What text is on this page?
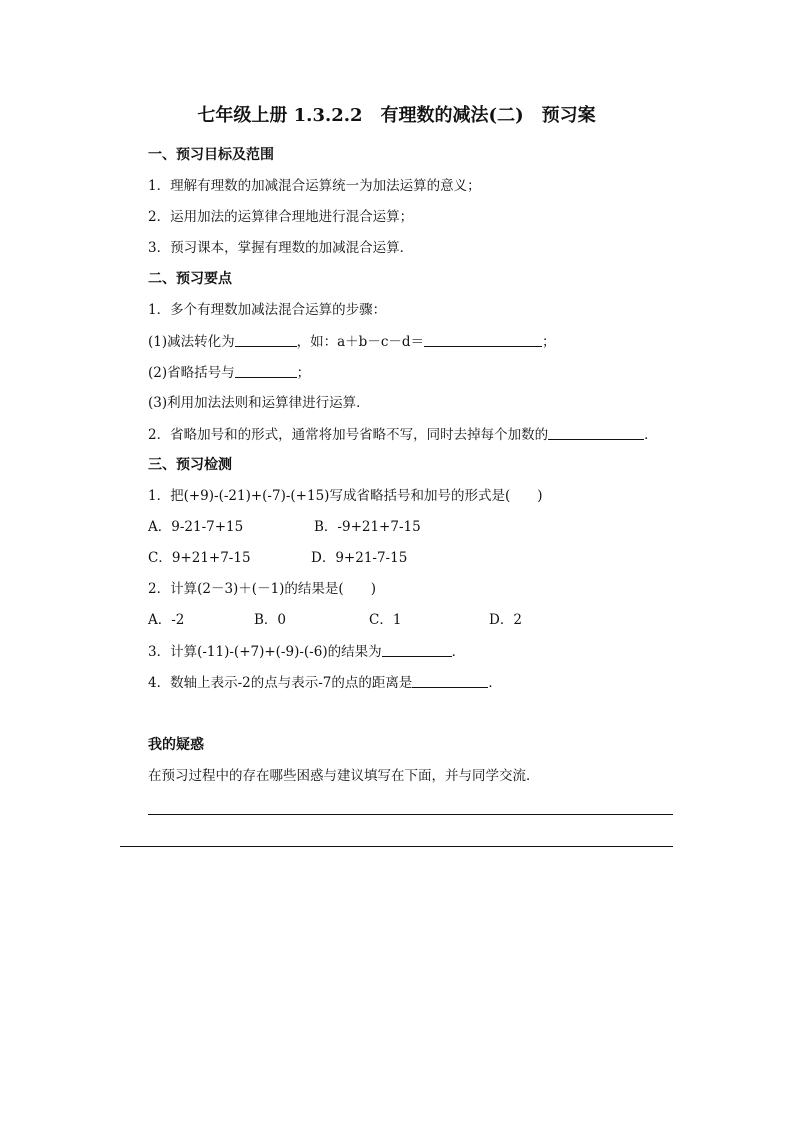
七年级上册 1.3.2.2　有理数的减法(二)　预习案
一、预习目标及范围
1．理解有理数的加减混合运算统一为加法运算的意义；
2．运用加法的运算律合理地进行混合运算；
3．预习课本，掌握有理数的加减混合运算．
二、预习要点
1．多个有理数加减法混合运算的步骤：
(1)减法转化为	，如：a＋b－c－d＝	；
(2)省略括号与	；
(3)利用加法法则和运算律进行运算．
2．省略加号和的形式，通常将加号省略不写，同时去掉每个加数的	．
三、预习检测
1．把(+9)-(-21)+(-7)-(+15)写成省略括号和加号的形式是(　　)
A．9-21-7+15	B．-9+21+7-15
C．9+21+7-15	D．9+21-7-15
2．计算(2－3)＋(－1)的结果是(　　)
A．-2	B．0	C．1	D．2
3．计算(-11)-(+7)+(-9)-(-6)的结果为	．
4．数轴上表示-2的点与表示-7的点的距离是	．
我的疑惑
在预习过程中的存在哪些困惑与建议填写在下面，并与同学交流．
